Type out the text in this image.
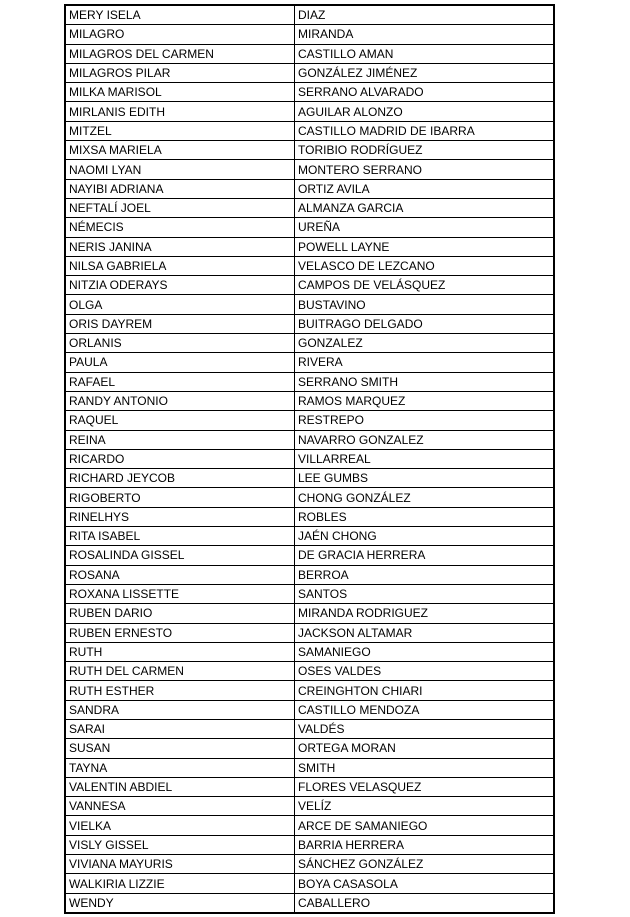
MERY ISELA	DIAZ
MILAGRO	MIRANDA
MILAGROS DEL CARMEN	CASTILLO AMAN
MILAGROS PILAR	GONZÁLEZ JIMÉNEZ
MILKA MARISOL	SERRANO ALVARADO
MIRLANIS EDITH	AGUILAR ALONZO
MITZEL	CASTILLO MADRID DE IBARRA
MIXSA MARIELA	TORIBIO RODRÍGUEZ
NAOMI LYAN	MONTERO SERRANO
NAYIBI ADRIANA	ORTIZ AVILA
NEFTALÍ JOEL	ALMANZA GARCIA
NÉMECIS	UREÑA
NERIS JANINA	POWELL LAYNE
NILSA GABRIELA	VELASCO DE LEZCANO
NITZIA ODERAYS	CAMPOS DE VELÁSQUEZ
OLGA	BUSTAVINO
ORIS DAYREM	BUITRAGO DELGADO
ORLANIS	GONZALEZ
PAULA	RIVERA
RAFAEL	SERRANO SMITH
RANDY ANTONIO	RAMOS MARQUEZ
RAQUEL	RESTREPO
REINA	NAVARRO GONZALEZ
RICARDO	VILLARREAL
RICHARD JEYCOB	LEE GUMBS
RIGOBERTO	CHONG GONZÁLEZ
RINELHYS	ROBLES
RITA ISABEL	JAÉN CHONG
ROSALINDA GISSEL	DE GRACIA HERRERA
ROSANA	BERROA
ROXANA LISSETTE	SANTOS
RUBEN DARIO	MIRANDA RODRIGUEZ
RUBEN ERNESTO	JACKSON ALTAMAR
RUTH	SAMANIEGO
RUTH DEL CARMEN	OSES VALDES
RUTH ESTHER	CREINGHTON CHIARI
SANDRA	CASTILLO MENDOZA
SARAI	VALDÉS
SUSAN	ORTEGA MORAN
TAYNA	SMITH
VALENTIN ABDIEL	FLORES VELASQUEZ
VANNESA	VELÍZ
VIELKA	ARCE DE SAMANIEGO
VISLY GISSEL	BARRIA HERRERA
VIVIANA MAYURIS	SÁNCHEZ GONZÁLEZ
WALKIRIA LIZZIE	BOYA CASASOLA
WENDY	CABALLERO
